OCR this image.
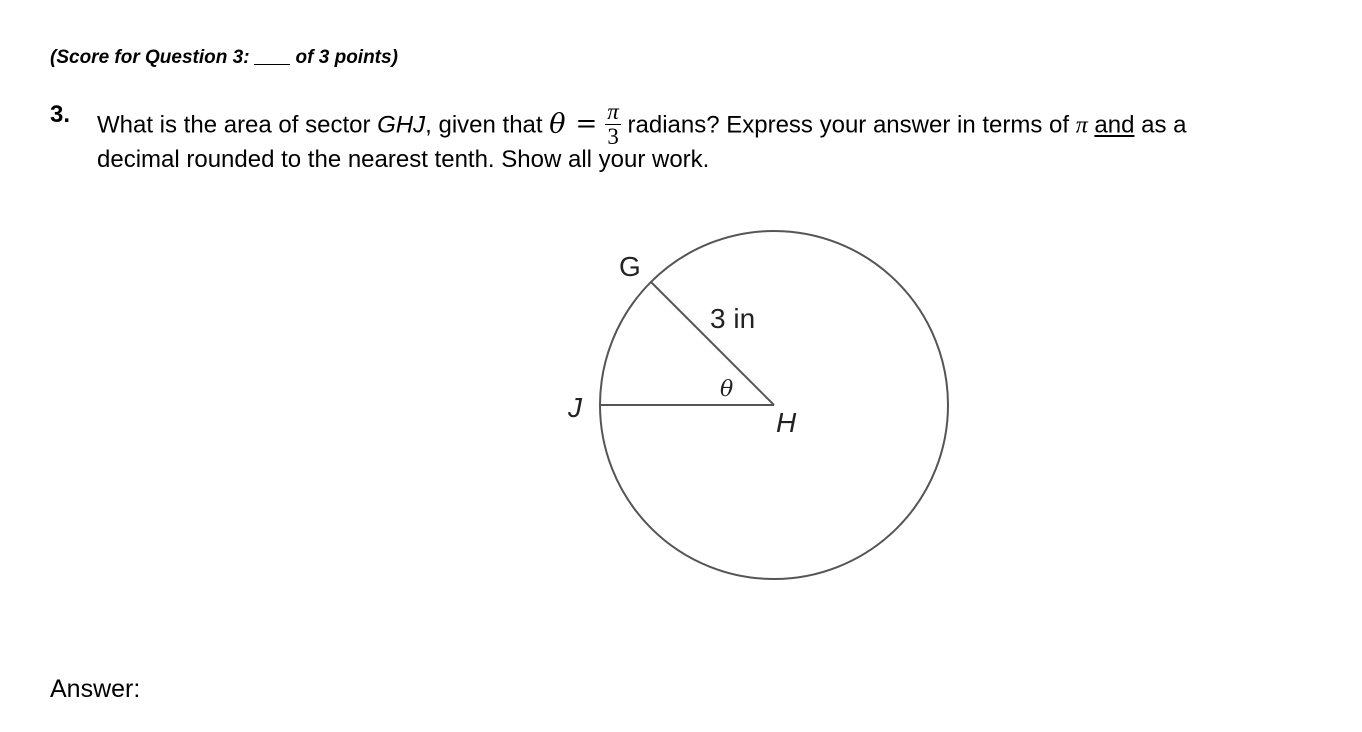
(Score for Question 3: of 3 points)
3. What is the area of sector GHJ, given that $\theta = \frac{\pi}{3}$ radians? Express your answer in terms of π and as a
decimal rounded to the nearest tenth. Show all your work.
G
J	H
3 in
θ
Answer:
